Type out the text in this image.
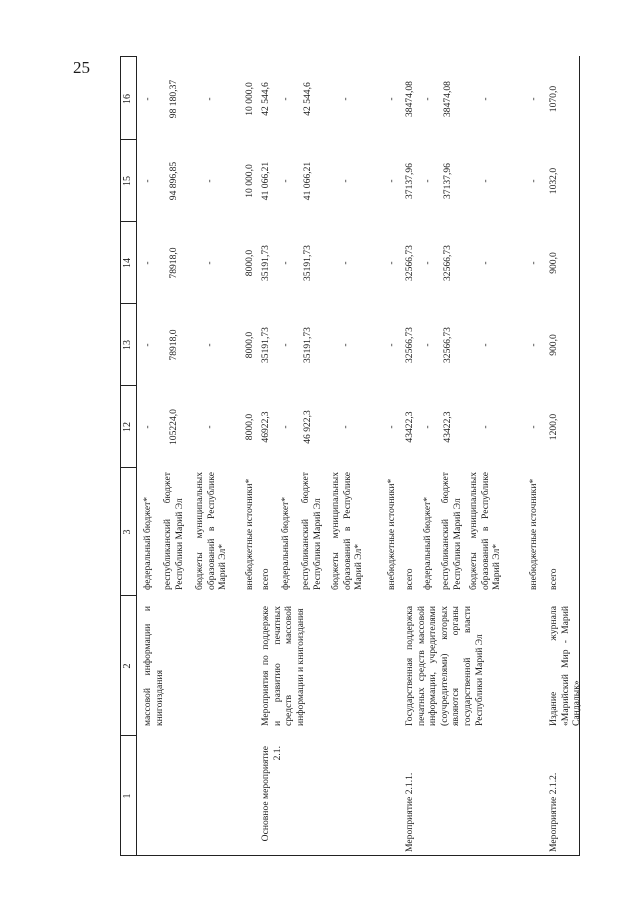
25
1
2
3
12
13
14
15
16
массовой информации и книгоиздания
федеральный бюджет*
-
-
-
-
-
республиканский бюджет Республики Марий Эл
105224,0
78918,0
78918,0
94 896,85
98 180,37
бюджеты муниципальных образований в Республике Марий Эл*
-
-
-
-
-
внебюджетные источники*
8000,0
8000,0
8000,0
10 000,0
10 000,0
Основное мероприятие 2.1.
Мероприятия по поддержке и развитию печатных средств массовой информации и книгоиздания
всего
46922,3
35191,73
35191,73
41 066,21
42 544,6
федеральный бюджет*
-
-
-
-
-
республиканский бюджет Республики Марий Эл
46 922,3
35191,73
35191,73
41 066,21
42 544,6
бюджеты муниципальных образований в Республике Марий Эл*
-
-
-
-
-
внебюджетные источники*
-
-
-
-
-
Мероприятие 2.1.1.
Государственная поддержка печатных средств массовой информации, учредителями (соучредителями) которых являются органы государственной власти Республики Марий Эл
всего
43422,3
32566,73
32566,73
37137,96
38474,08
федеральный бюджет*
-
-
-
-
-
республиканский бюджет Республики Марий Эл
43422,3
32566,73
32566,73
37137,96
38474,08
бюджеты муниципальных образований в Республике Марий Эл*
-
-
-
-
-
внебюджетные источники*
-
-
-
-
-
Мероприятие 2.1.2.
Издание журнала «Марийский Мир - Марий Сандалык»
всего
1200,0
900,0
900,0
1032,0
1070,0
